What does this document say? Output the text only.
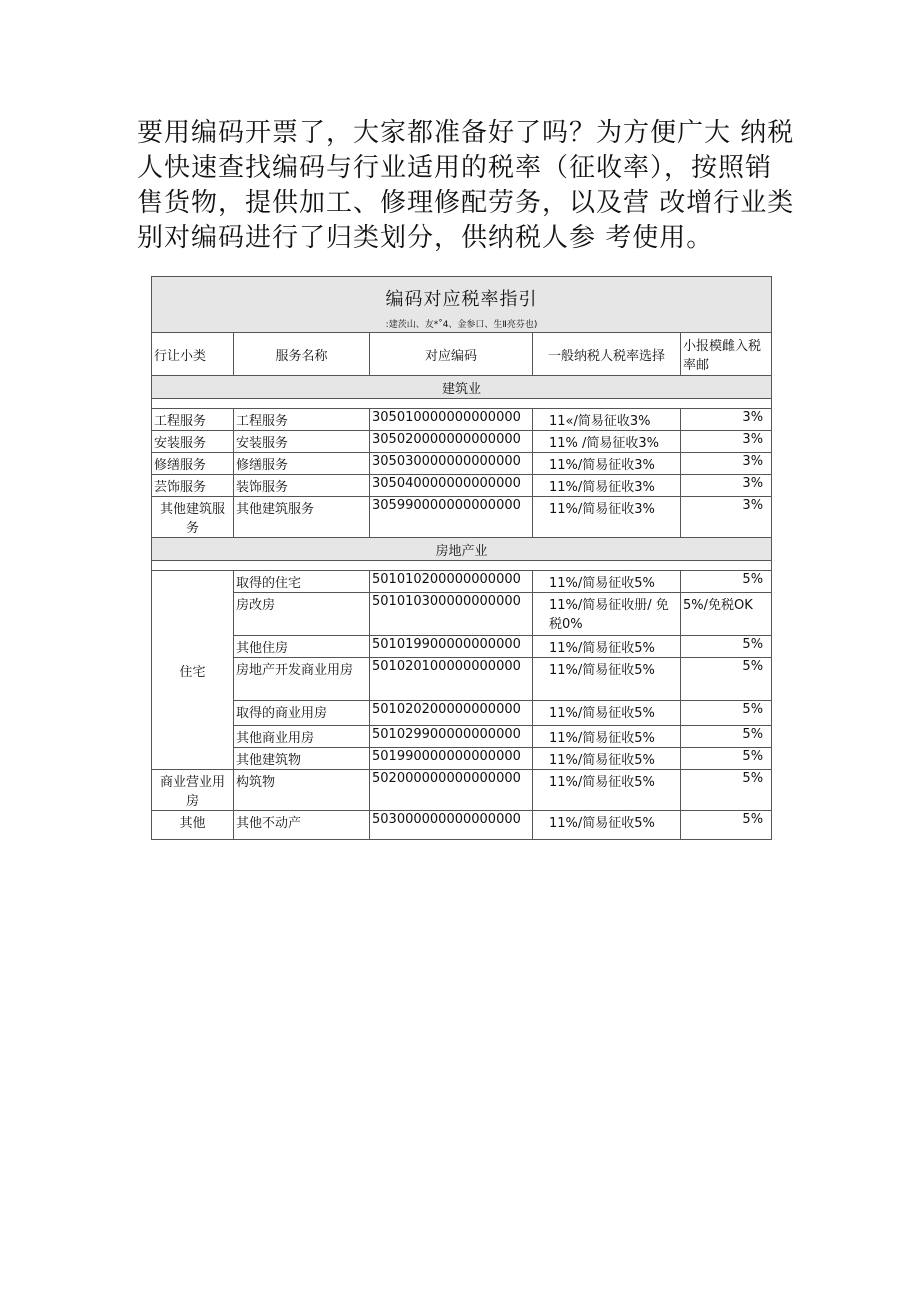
要用编码开票了，大家都准备好了吗？为方便广大 纳税
人快速查找编码与行业适用的税率（征收率），按照销
售货物，提供加工、修理修配劳务，以及营 改增行业类
别对编码进行了归类划分，供纳税人参 考使用。
编码对应税率指引
:建茨山、友*˚4、金参口、生Ⅱ亮芬也)				

行让小类	服务名称	对应编码	一般纳税人税率选择	小报模雌入税率邮
建筑业				

工程服务	工程服务	305010000000000000	11«/简易征收3%	3%
安装服务	安装服务	305020000000000000	11% /简易征收3%	3%
修缮服务	修缮服务	305030000000000000	11%/简易征收3%	3%
芸饰服务	装饰服务	305040000000000000	11%/简易征收3%	3%
其他建筑服务	其他建筑服务	305990000000000000	11%/简易征收3%	3%
房地产业				

住宅	取得的住宅	501010200000000000	11%/简易征收5%	5%
	房改房	501010300000000000	11%/简易征收册/ 免税0%	5%/免税OK
	其他住房	501019900000000000	11%/简易征收5%	5%
	房地产开发商业用房	501020100000000000	11%/简易征收5%	5%
	取得的商业用房	501020200000000000	11%/简易征收5%	5%
	其他商业用房	501029900000000000	11%/简易征收5%	5%
	其他建筑物	501990000000000000	11%/简易征收5%	5%
商业营业用房	构筑物	502000000000000000	11%/简易征收5%	5%
其他	其他不动产	503000000000000000	11%/简易征收5%	5%
